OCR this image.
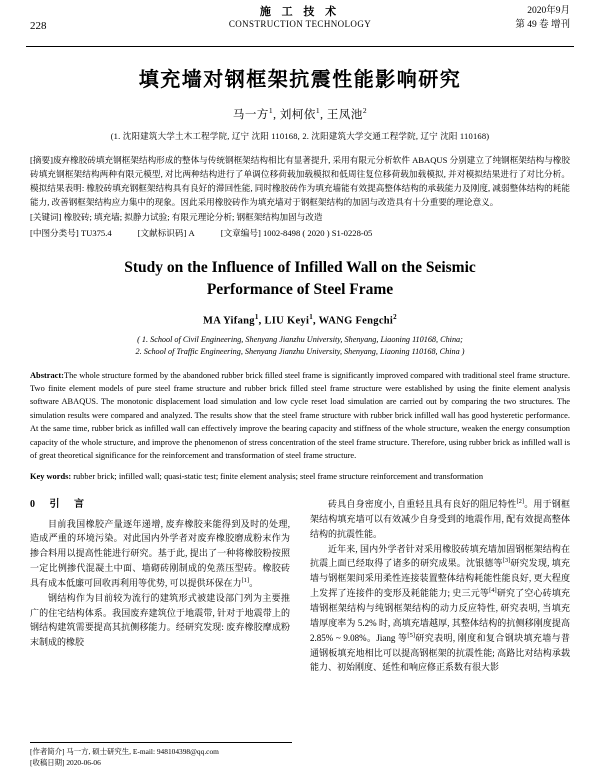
施 工 技 术
CONSTRUCTION TECHNOLOGY
228
2020年9月
第 49 卷 增刊
填充墙对钢框架抗震性能影响研究
马一方$^1$, 刘柯依$^1$, 王凤池$^2$
(1. 沈阳建筑大学土木工程学院, 辽宁 沈阳 110168, 2. 沈阳建筑大学交通工程学院, 辽宁 沈阳 110168)

[摘要]废弃橡胶砖填充钢框架结构形成的整体与传统钢框架结构相比有显著提升, 采用有限元分析软件 ABAQUS 分别建立了纯钢框架结构与橡胶砖填充钢框架结构两种有限元模型, 对比两种结构进行了单调位移荷载加载模拟和低周往复位移荷载加载模拟, 并对模拟结果进行了对比分析。模拟结果表明: 橡胶砖填充钢框架结构具有良好的滞回性能, 同时橡胶砖作为填充墙能有效提高整体结构的承载能力及刚度, 减弱整体结构的耗能能力, 改善钢框架结构应力集中的现象。因此采用橡胶砖作为填充墙对于钢框架结构的加固与改造具有十分重要的理论意义。

[关键词] 橡胶砖; 填充墙; 拟静力试验; 有限元理论分析; 钢框架结构加固与改造

[中图分类号] TU375.4	[文献标识码] A	[文章编号] 1002-8498 ( 2020 ) S1-0228-05
Study on the Influence of Infilled Wall on the Seismic
Performance of Steel Frame
MA Yifang$^1$, LIU Keyi$^1$, WANG Fengchi$^2$
( 1. School of Civil Engineering, Shenyang Jianzhu University, Shenyang, Liaoning 110168, China;
2. School of Traffic Engineering, Shenyang Jianzhu University, Shenyang, Liaoning 110168, China )
Abstract:The whole structure formed by the abandoned rubber brick filled steel frame is significantly improved compared with traditional steel frame structure. Two finite element models of pure steel frame structure and rubber brick filled steel frame structure were established by using the finite element analysis software ABAQUS. The monotonic displacement load simulation and low cycle reset load simulation are carried out by comparing the two structures. The simulation results were compared and analyzed. The results show that the steel frame structure with rubber brick infilled wall has good hysteretic performance. At the same time, rubber brick as infilled wall can effectively improve the bearing capacity and stiffness of the whole structure, weaken the energy consumption capacity of the whole structure, and improve the phenomenon of stress concentration of the steel frame structure. Therefore, using rubber brick as infilled wall is of great theoretical significance for the reinforcement and transformation of steel frame structure.
Key words: rubber brick; infilled wall; quasi-static test; finite element analysis; steel frame structure reinforcement and transformation
0 引 言

目前我国橡胶产量逐年递增, 废弃橡胶来能得到及时的处理, 造成严重的环境污染。对此国内外学者对废弃橡胶磨成粉末作为掺合料用以提高性能进行研究。基于此, 提出了一种将橡胶粉按照一定比例掺代混凝土中面、墙砌砖刚制成的免蒸压型砖。橡胶砖具有成本低廉可回收再利用等优势, 可以提供环保在力[1]。

钢结构作为目前较为流行的建筑形式被建设部门列为主要推广的住宅结构体系。我国废弃建筑位于地震带, 针对于地震带上的钢结构建筑需要提高其抗侧移能力。经研究发现: 废弃橡胶摩成粉末制成的橡胶

砖具自身密度小, 自重轻且具有良好的阻尼特性[2]。用于钢框架结构填充墙可以有效减少自身受到的地震作用, 配有效提高整体结构的抗震性能。

近年来, 国内外学者针对采用橡胶砖填充墙加固钢框架结构在抗震上面已经取得了诸多的研究成果。沈银德等[3]研究发现, 填充墙与钢框架间采用柔性连接装置整体结构耗能性能良好, 更大程度上发挥了连接件的变形及耗能能力; 史三元等[4]研究了空心砖填充墙钢框架结构与纯钢框架结构的动力反应特性, 研究表明, 当填充墙厚度率为 5.2% 时, 高填充墙越厚, 其整体结构的抗侧移刚度提高 2.85% ~ 9.08%。Jiang 等[5]研究表明, 刚度和复合钢块填充墙与普通钢板填充地相比可以提高钢框架的抗震性能; 高路比对结构承载能力、初始刚度、延性和响应修正系数有很大影

[作者简介] 马一方, 硕士研究生, E-mail: 948104398@qq.com
[收稿日期] 2020-06-06
